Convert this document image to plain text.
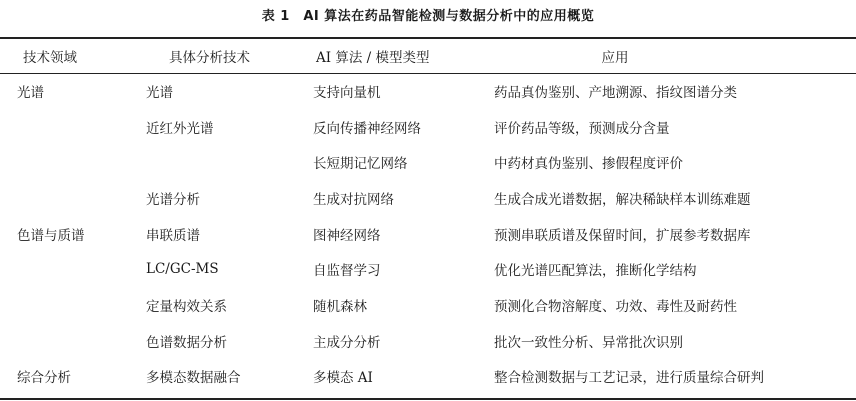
表 1　AI 算法在药品智能检测与数据分析中的应用概览
技术领域	具体分析技术	AI 算法 / 模型类型	应用
光谱	光谱	支持向量机	药品真伪鉴别、产地溯源、指纹图谱分类
	近红外光谱	反向传播神经网络	评价药品等级，预测成分含量
		长短期记忆网络	中药材真伪鉴别、掺假程度评价
	光谱分析	生成对抗网络	生成合成光谱数据，解决稀缺样本训练难题
色谱与质谱	串联质谱	图神经网络	预测串联质谱及保留时间，扩展参考数据库
	LC/GC-MS	自监督学习	优化光谱匹配算法，推断化学结构
	定量构效关系	随机森林	预测化合物溶解度、功效、毒性及耐药性
	色谱数据分析	主成分分析	批次一致性分析、异常批次识别
综合分析	多模态数据融合	多模态 AI	整合检测数据与工艺记录，进行质量综合研判
